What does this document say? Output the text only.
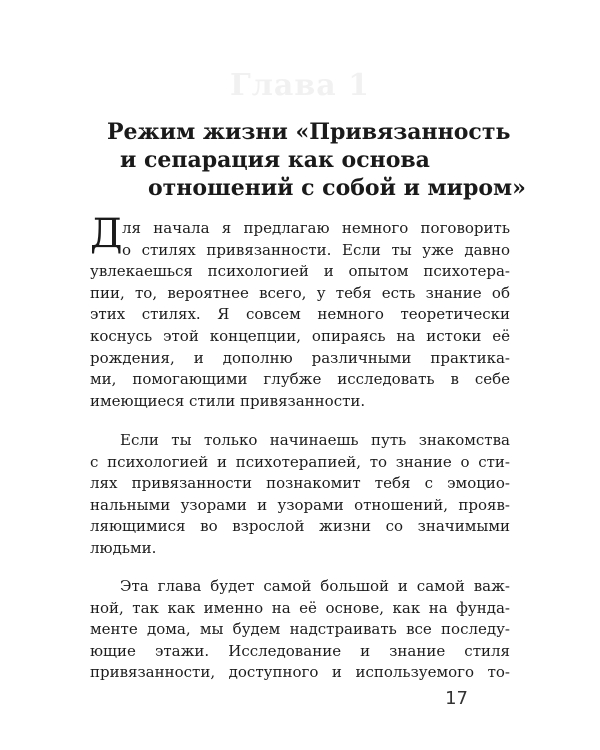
Глава 1
Режим жизни «Привязанность
и сепарация как основа
отношений с собой и миром»
Д ля начала я предлагаю немного поговорить
о стилях привязанности. Если ты уже давно
увлекаешься психологией и опытом психотера-
пии, то, вероятнее всего, у тебя есть знание об
этих стилях. Я совсем немного теоретически
коснусь этой концепции, опираясь на истоки её
рождения, и дополню различными практика-
ми, помогающими глубже исследовать в себе
имеющиеся стили привязанности.
Если ты только начинаешь путь знакомства
с психологией и психотерапией, то знание о сти-
лях привязанности познакомит тебя с эмоцио-
нальными узорами и узорами отношений, прояв-
ляющимися во взрослой жизни со значимыми
людьми.
Эта глава будет самой большой и самой важ-
ной, так как именно на её основе, как на фунда-
менте дома, мы будем надстраивать все последу-
ющие этажи. Исследование и знание стиля
привязанности, доступного и используемого то-
17
